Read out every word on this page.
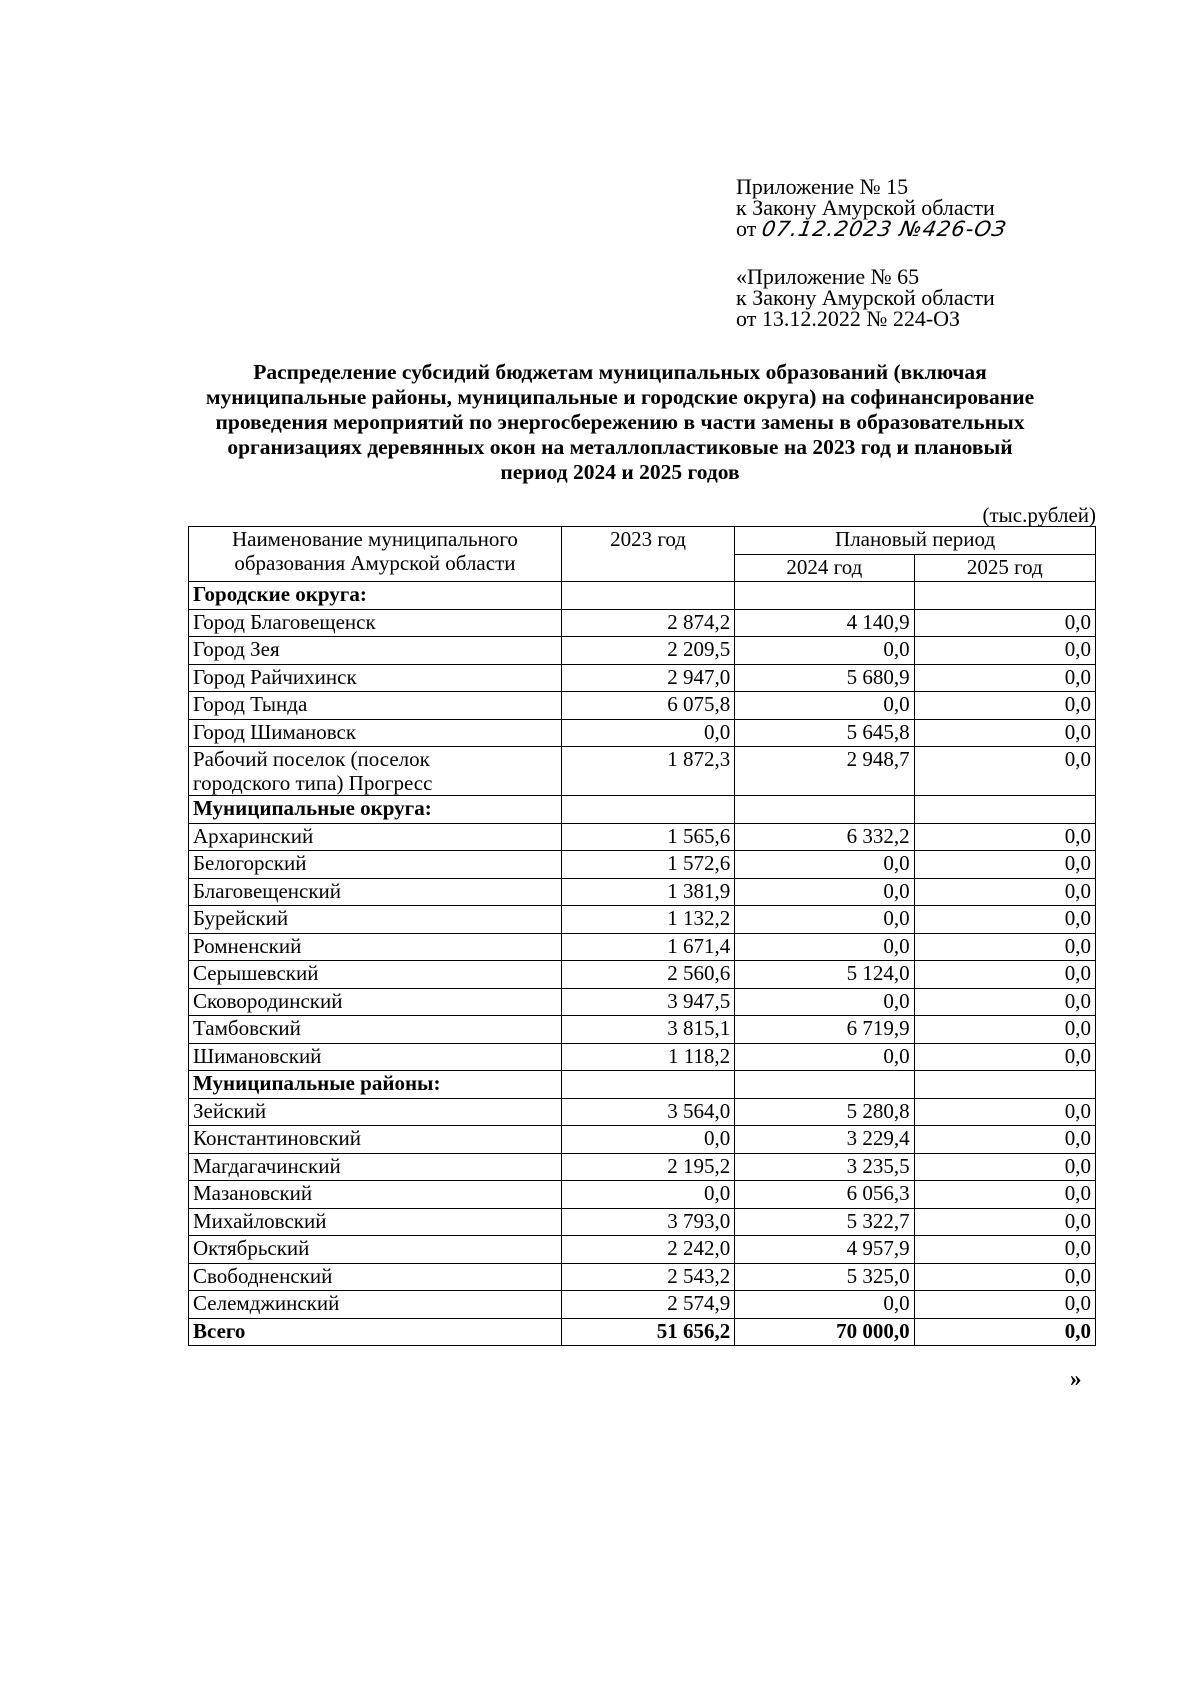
Приложение № 15
к Закону Амурской области
от 07.12.2023 №426-ОЗ
«Приложение № 65
к Закону Амурской области
от 13.12.2022 № 224-ОЗ
Распределение субсидий бюджетам муниципальных образований (включая
муниципальные районы, муниципальные и городские округа) на софинансирование
проведения мероприятий по энергосбережению в части замены в образовательных
организациях деревянных окон на металлопластиковые на 2023 год и плановый
период 2024 и 2025 годов
(тыс.рублей)
Наименование муниципального
образования Амурской области	2023 год	Плановый период	
		2024 год	2025 год
Городские округа:			
Город Благовещенск	2 874,2	4 140,9	0,0
Город Зея	2 209,5	0,0	0,0
Город Райчихинск	2 947,0	5 680,9	0,0
Город Тында	6 075,8	0,0	0,0
Город Шимановск	0,0	5 645,8	0,0

Рабочий поселок (поселок
городского типа) Прогресс	1 872,3	2 948,7	0,0
Муниципальные округа:			
Архаринский	1 565,6	6 332,2	0,0
Белогорский	1 572,6	0,0	0,0
Благовещенский	1 381,9	0,0	0,0
Бурейский	1 132,2	0,0	0,0
Ромненский	1 671,4	0,0	0,0
Серышевский	2 560,6	5 124,0	0,0
Сковородинский	3 947,5	0,0	0,0
Тамбовский	3 815,1	6 719,9	0,0
Шимановский	1 118,2	0,0	0,0
Муниципальные районы:			
Зейский	3 564,0	5 280,8	0,0
Константиновский	0,0	3 229,4	0,0
Магдагачинский	2 195,2	3 235,5	0,0
Мазановский	0,0	6 056,3	0,0
Михайловский	3 793,0	5 322,7	0,0
Октябрьский	2 242,0	4 957,9	0,0
Свободненский	2 543,2	5 325,0	0,0
Селемджинский	2 574,9	0,0	0,0
Всего	51 656,2	70 000,0	0,0
»
